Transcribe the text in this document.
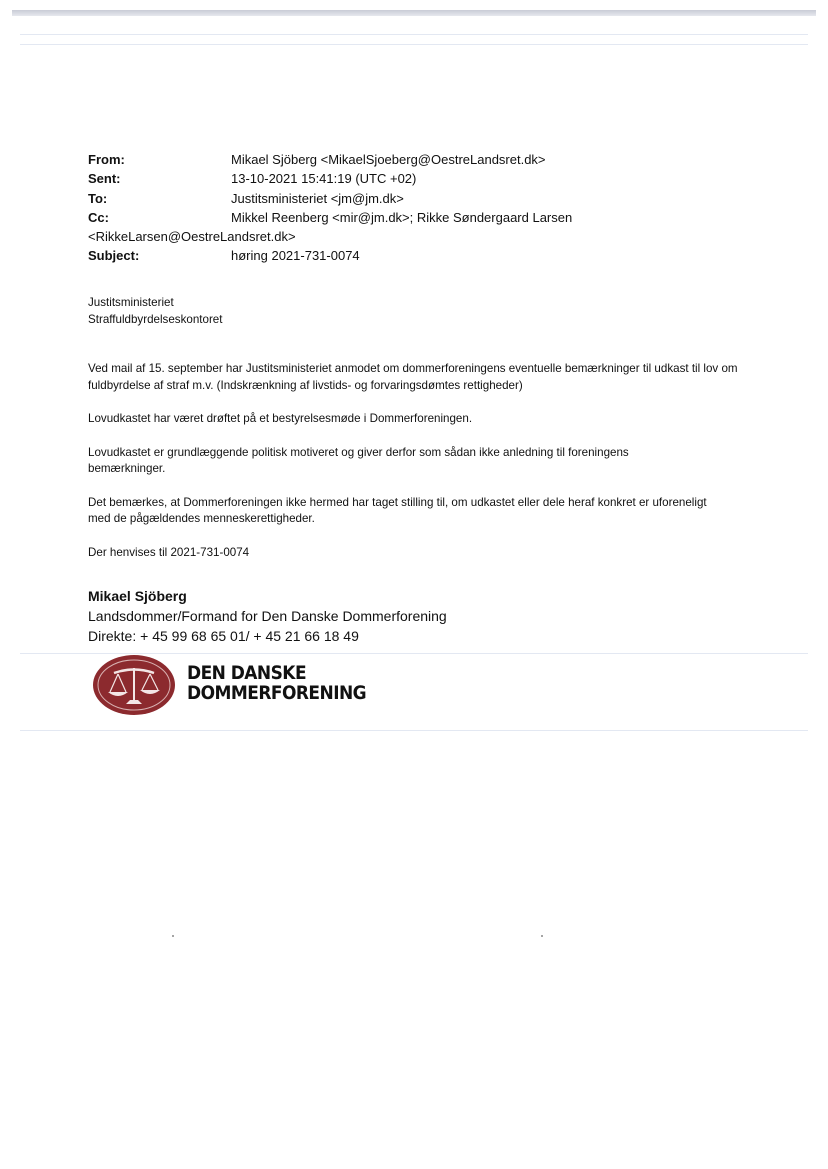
From:	Mikael Sjöberg <MikaelSjoeberg@OestreLandsret.dk>
Sent:	13-10-2021 15:41:19 (UTC +02)
To:	Justitsministeriet <jm@jm.dk>
Cc:	Mikkel Reenberg <mir@jm.dk>; Rikke Søndergaard Larsen
<RikkeLarsen@OestreLandsret.dk>
Subject:	høring 2021-731-0074

Justitsministeriet

Straffuldbyrdelseskontoret

Ved mail af 15. september har Justitsministeriet anmodet om dommerforeningens eventuelle bemærkninger til udkast til lov om fuldbyrdelse af straf m.v. (Indskrænkning af livstids- og forvaringsdømtes rettigheder)

Lovudkastet har været drøftet på et bestyrelsesmøde i Dommerforeningen.

Lovudkastet er grundlæggende politisk motiveret og giver derfor som sådan ikke anledning til foreningens bemærkninger.

Det bemærkes, at Dommerforeningen ikke hermed har taget stilling til, om udkastet eller dele heraf konkret er uforeneligt med de pågældendes menneskerettigheder.

Der henvises til 2021-731-0074

Mikael Sjöberg
Landsdommer/Formand for Den Danske Dommerforening
Direkte: + 45 99 68 65 01/ + 45 21 66 18 49
DEN DANSKE
DOMMERFORENING
